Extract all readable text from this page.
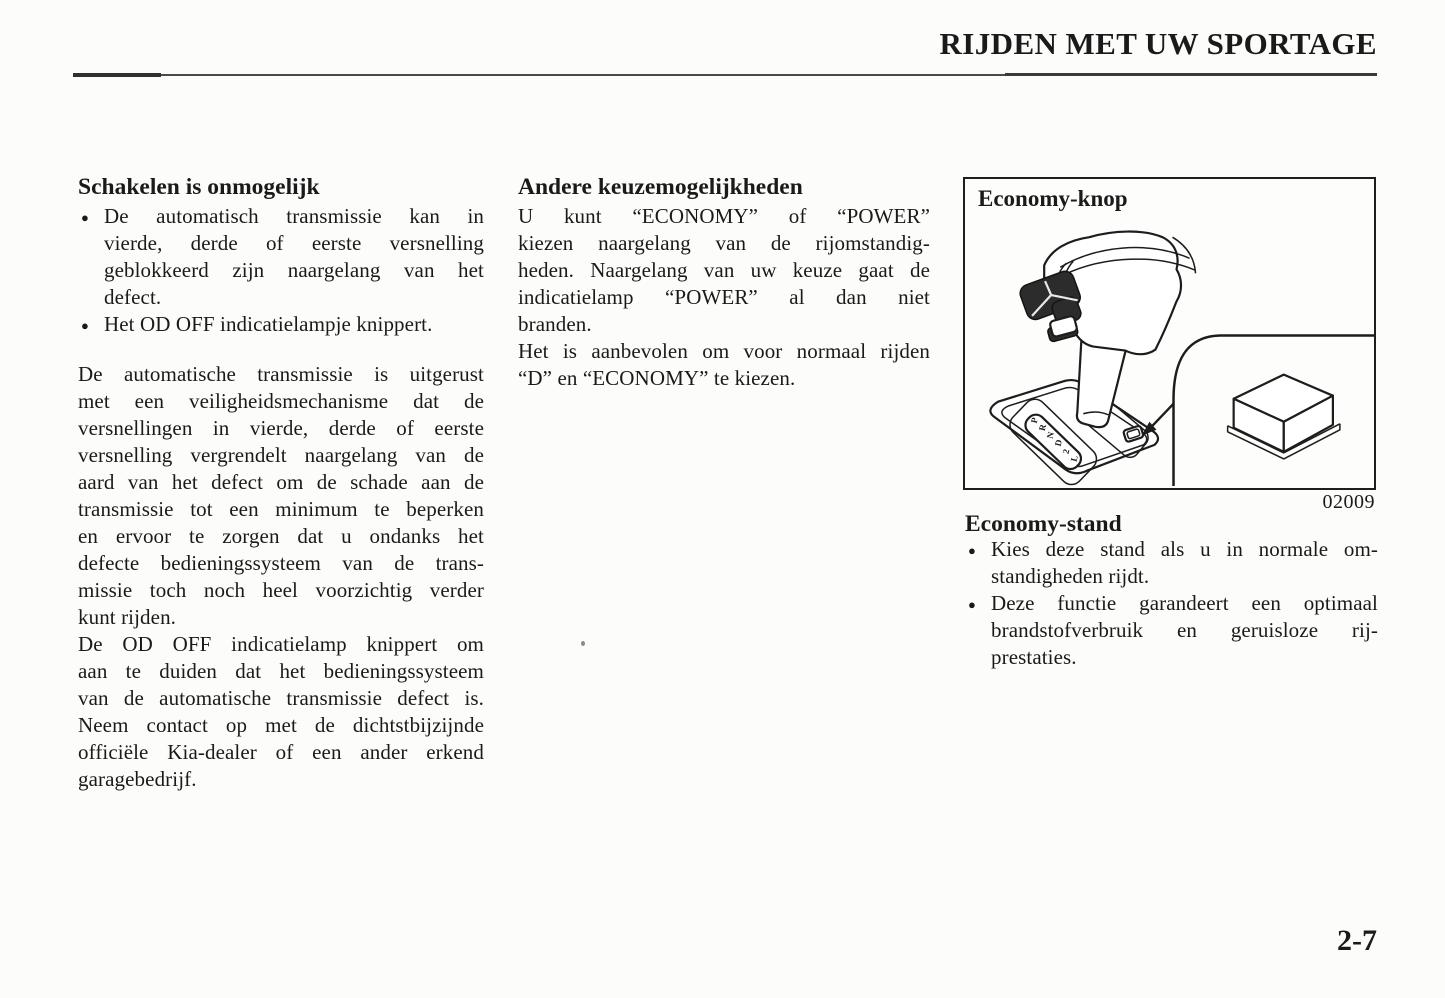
RIJDEN MET UW SPORTAGE
Schakelen is onmogelijk
●
De automatisch transmissie kan in
vierde, derde of eerste versnelling
geblokkeerd zijn naargelang van het
defect.
●
Het OD OFF indicatielampje knippert.
De automatische transmissie is uitgerust
met een veiligheidsmechanisme dat de
versnellingen in vierde, derde of eerste
versnelling vergrendelt naargelang van de
aard van het defect om de schade aan de
transmissie tot een minimum te beperken
en ervoor te zorgen dat u ondanks het
defecte bedieningssysteem van de trans-
missie toch noch heel voorzichtig verder
kunt rijden.
De OD OFF indicatielamp knippert om
aan te duiden dat het bedieningssysteem
van de automatische transmissie defect is.
Neem contact op met de dichtstbijzijnde
officiële Kia-dealer of een ander erkend
garagebedrijf.
Andere keuzemogelijkheden
U kunt “ECONOMY” of “POWER”
kiezen naargelang van de rijomstandig-
heden. Naargelang van uw keuze gaat de
indicatielamp “POWER” al dan niet
branden.
Het is aanbevolen om voor normaal rijden
“D” en “ECONOMY” te kiezen.
P
R
N
D
2
L
Economy-knop
02009
Economy-stand
●
Kies deze stand als u in normale om-
standigheden rijdt.
●
Deze functie garandeert een optimaal
brandstofverbruik en geruisloze rij-
prestaties.
2-7
